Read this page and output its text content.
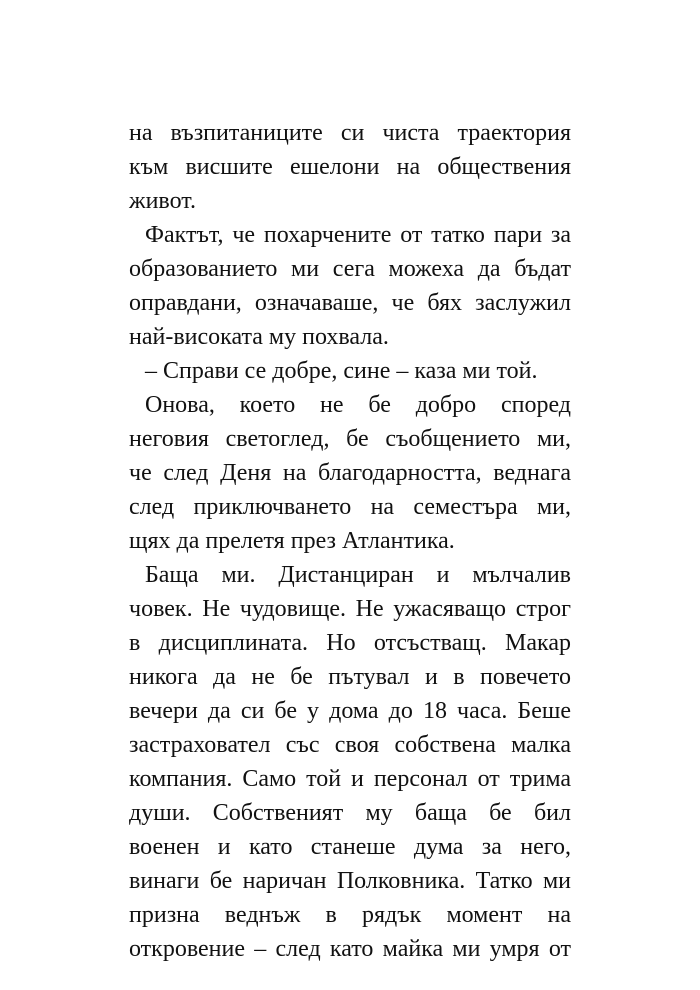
на възпитаниците си чиста траектория
към висшите ешелони на обществения
живот.
Фактът, че похарчените от татко пари за
образованието ми сега можеха да бъдат
оправдани, означаваше, че бях заслужил
най-високата му похвала.
– Справи се добре, сине – каза ми той.
Онова, което не бе добро според
неговия светоглед, бе съобщението ми,
че след Деня на благодарността, веднага
след приключването на семестъра ми,
щях да прелетя през Атлантика.
Баща ми. Дистанциран и мълчалив
човек. Не чудовище. Не ужасяващо строг
в дисциплината. Но отсъстващ. Макар
никога да не бе пътувал и в повечето
вечери да си бе у дома до 18 часа. Беше
застраховател със своя собствена малка
компания. Само той и персонал от трима
души. Собственият му баща бе бил
военен и като станеше дума за него,
винаги бе наричан Полковника. Татко ми
призна веднъж в рядък момент на
откровение – след като майка ми умря от
